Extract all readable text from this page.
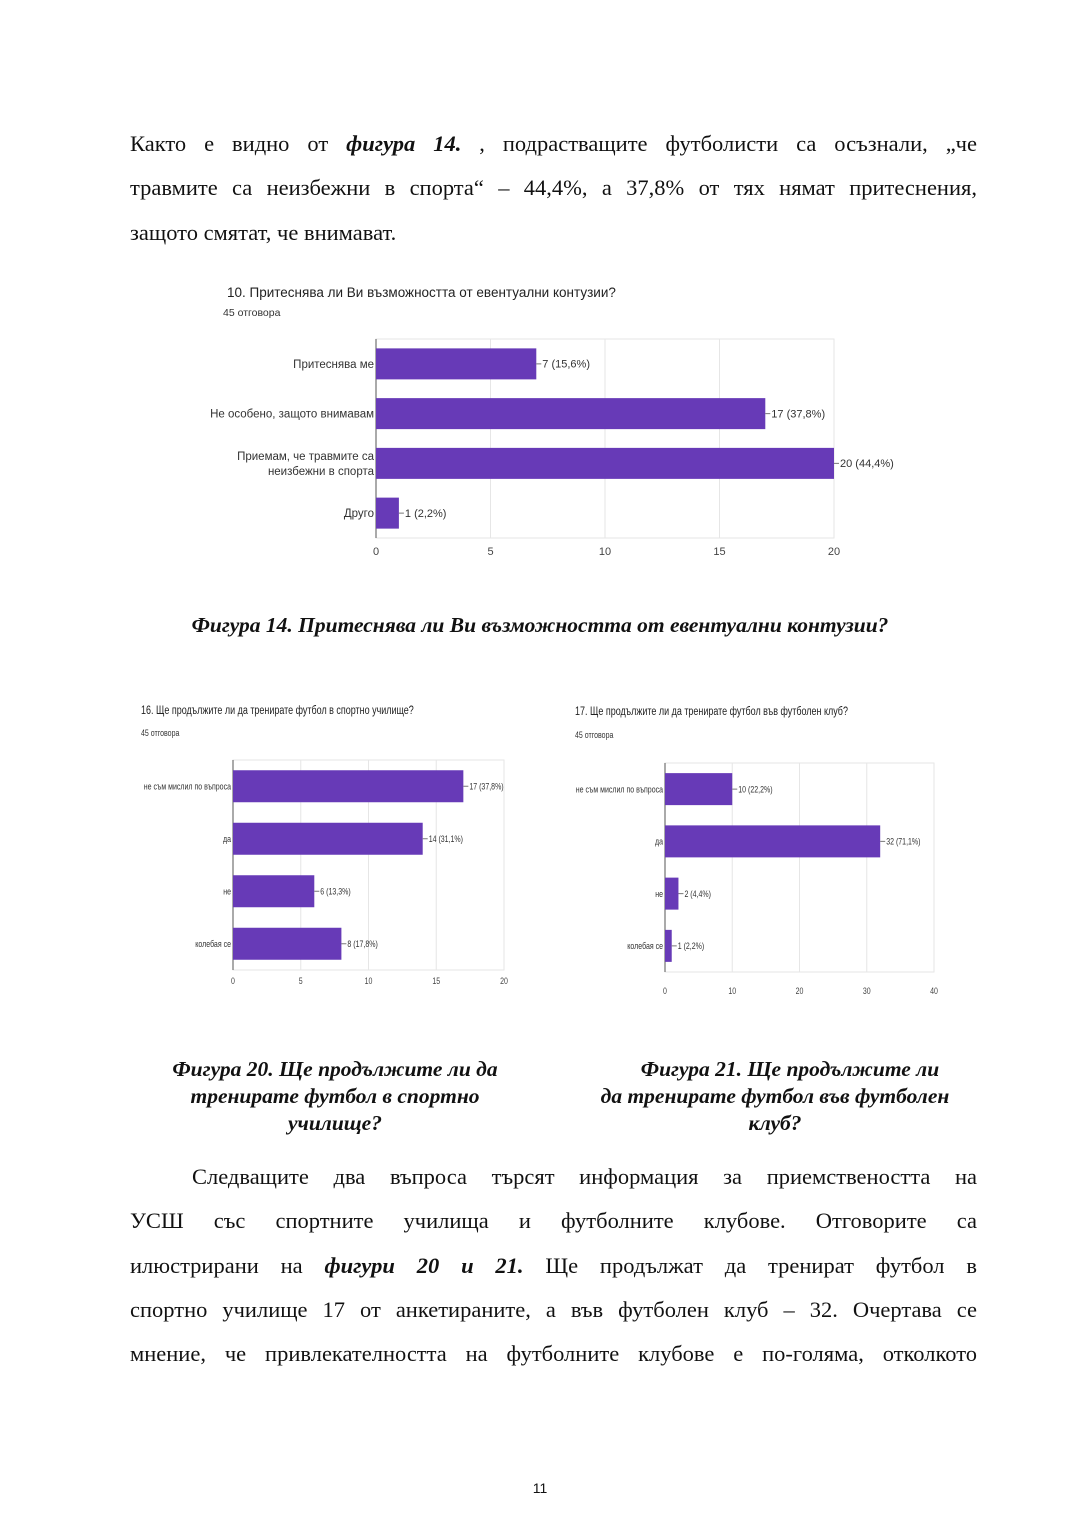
Както е видно от фигура 14. , подрастващите футболисти са осъзнали, „че
травмите са неизбежни в спорта“ – 44,4%, а 37,8% от тях нямат притеснения,
защото смятат, че внимават.
10. Притеснява ли Ви възможността от евентуални контузии?
45 отговора
0	5	10	15	20
7 (15,6%)
Притеснява ме
17 (37,8%)
Не особено, защото внимавам
20 (44,4%)
Приемам, че травмите са
неизбежни в спорта
1 (2,2%)
Друго
Фигура 14. Притеснява ли Ви възможността от евентуални контузии?
16. Ще продължите ли да тренирате футбол в спортно училище?
45 отговора
0	5	10	15	20
17 (37,8%)
не съм мислил по въпроса
14 (31,1%)
да
6 (13,3%)
не
8 (17,8%)
колебая се
17. Ще продължите ли да тренирате футбол във футболен клуб?
45 отговора
0	10	20	30	40
10 (22,2%)
не съм мислил по въпроса
32 (71,1%)
да
2 (4,4%)
не
1 (2,2%)
колебая се
Фигура 20. Ще продължите ли да
тренирате футбол в спортно
училище?
Фигура 21. Ще продължите ли
да тренирате футбол във футболен
клуб?
Следващите два въпроса търсят информация за приемствеността на
УСШ със спортните училища и футболните клубове. Отговорите са
илюстрирани на фигури 20 и 21. Ще продължат да тренират футбол в
спортно училище 17 от анкетираните, а във футболен клуб – 32. Очертава се
мнение, че привлекателността на футболните клубове е по-голяма, отколкото
11
